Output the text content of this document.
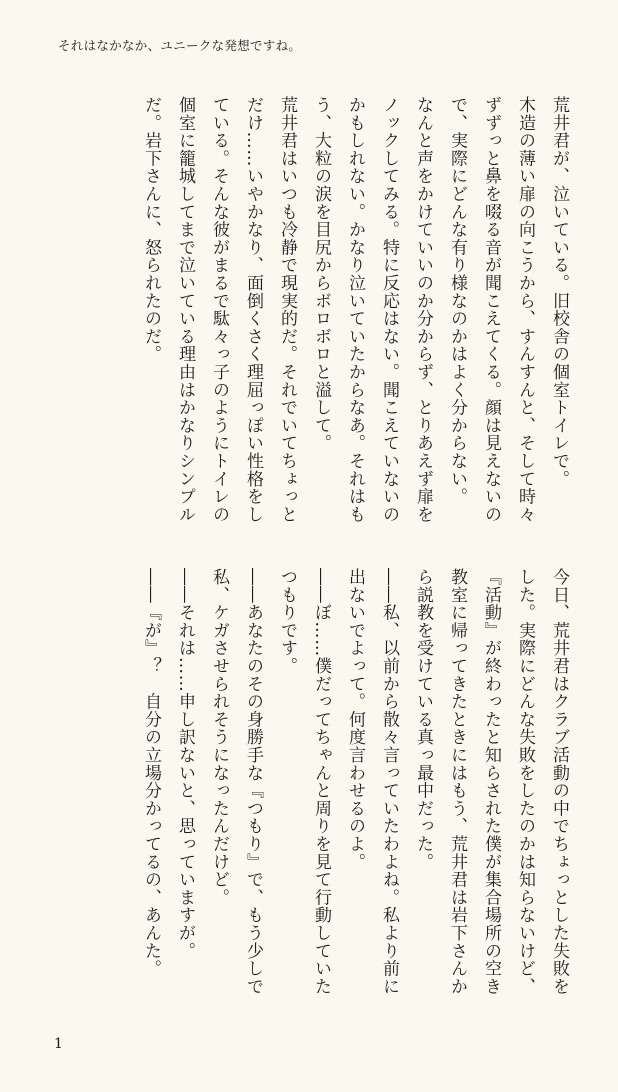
それはなかなか、ユニークな発想ですね。

荒井君が、泣いている。旧校舎の個室トイレで。

木造の薄い扉の向こうから、すんすんと、そして時々ずずっと鼻を啜る音が聞こえてくる。顔は見えないので、実際にどんな有り様なのかはよく分からない。

なんと声をかけていいのか分からず、とりあえず扉をノックしてみる。特に反応はない。聞こえていないのかもしれない。かなり泣いていたからなあ。それはもう、大粒の涙を目尻からボロボロと溢して。

荒井君はいつも冷静で現実的だ。それでいてちょっとだけ……いやかなり、面倒くさく理屈っぽい性格をしている。そんな彼がまるで駄々っ子のようにトイレの個室に籠城してまで泣いている理由はかなりシンプルだ。岩下さんに、怒られたのだ。

今日、荒井君はクラブ活動の中でちょっとした失敗をした。実際にどんな失敗をしたのかは知らないけど、『活動』が終わったと知らされた僕が集合場所の空き教室に帰ってきたときにはもう、荒井君は岩下さんから説教を受けている真っ最中だった。

――私、以前から散々言っていたわよね。私より前に出ないでよって。何度言わせるのよ。

――ぼ……僕だってちゃんと周りを見て行動していたつもりです。

――あなたのその身勝手な『つもり』で、もう少しで私、ケガさせられそうになったんだけど。

――それは……申し訳ないと、思っていますが。

――『が』？　自分の立場分かってるの、あんた。

1
